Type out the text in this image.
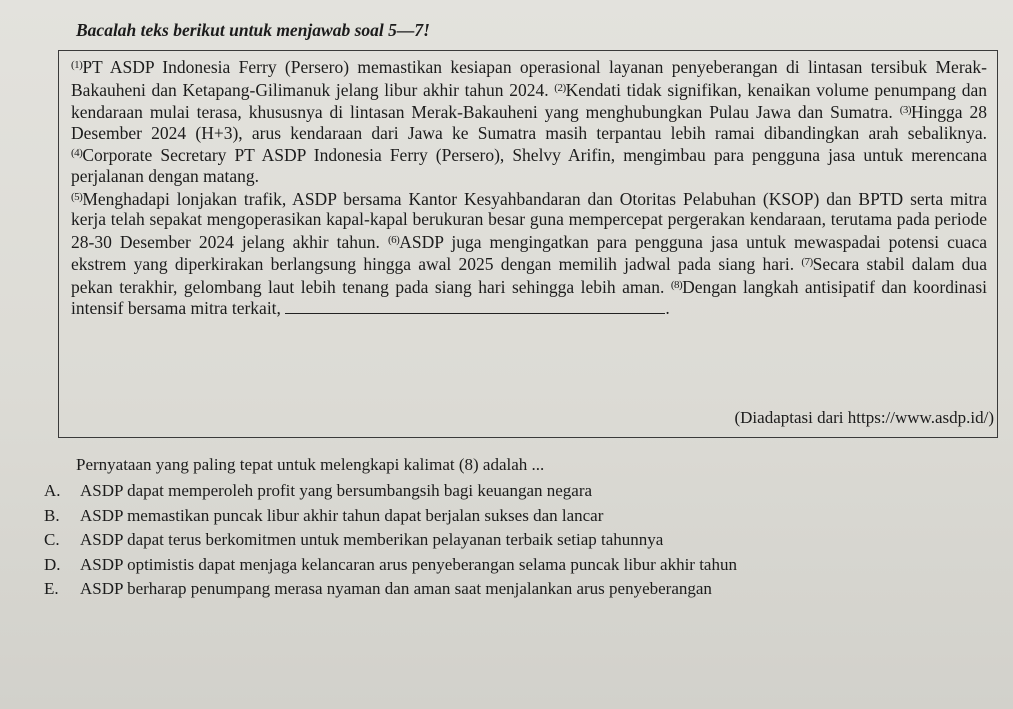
Bacalah teks berikut untuk menjawab soal 5—7!

$^{(1)}$PT ASDP Indonesia Ferry (Persero) memastikan kesiapan operasional layanan penyeberangan di lintasan tersibuk Merak-Bakauheni dan Ketapang-Gilimanuk jelang libur akhir tahun 2024. $^{(2)}$Kendati tidak signifikan, kenaikan volume penumpang dan kendaraan mulai terasa, khususnya di lintasan Merak-Bakauheni yang menghubungkan Pulau Jawa dan Sumatra. $^{(3)}$Hingga 28 Desember 2024 (H+3), arus kendaraan dari Jawa ke Sumatra masih terpantau lebih ramai dibandingkan arah sebaliknya. $^{(4)}$Corporate Secretary PT ASDP Indonesia Ferry (Persero), Shelvy Arifin, mengimbau para pengguna jasa untuk merencana perjalanan dengan matang.

$^{(5)}$Menghadapi lonjakan trafik, ASDP bersama Kantor Kesyahbandaran dan Otoritas Pelabuhan (KSOP) dan BPTD serta mitra kerja telah sepakat mengoperasikan kapal-kapal berukuran besar guna mempercepat pergerakan kendaraan, terutama pada periode 28-30 Desember 2024 jelang akhir tahun. $^{(6)}$ASDP juga mengingatkan para pengguna jasa untuk mewaspadai potensi cuaca ekstrem yang diperkirakan berlangsung hingga awal 2025 dengan memilih jadwal pada siang hari. $^{(7)}$Secara stabil dalam dua pekan terakhir, gelombang laut lebih tenang pada siang hari sehingga lebih aman. $^{(8)}$Dengan langkah antisipatif dan koordinasi intensif bersama mitra terkait,	.

(Diadaptasi dari https://www.asdp.id/)
Pernyataan yang paling tepat untuk melengkapi kalimat (8) adalah ...
A. ASDP dapat memperoleh profit yang bersumbangsih bagi keuangan negara
B. ASDP memastikan puncak libur akhir tahun dapat berjalan sukses dan lancar
C. ASDP dapat terus berkomitmen untuk memberikan pelayanan terbaik setiap tahunnya
D. ASDP optimistis dapat menjaga kelancaran arus penyeberangan selama puncak libur akhir tahun
E. ASDP berharap penumpang merasa nyaman dan aman saat menjalankan arus penyeberangan
